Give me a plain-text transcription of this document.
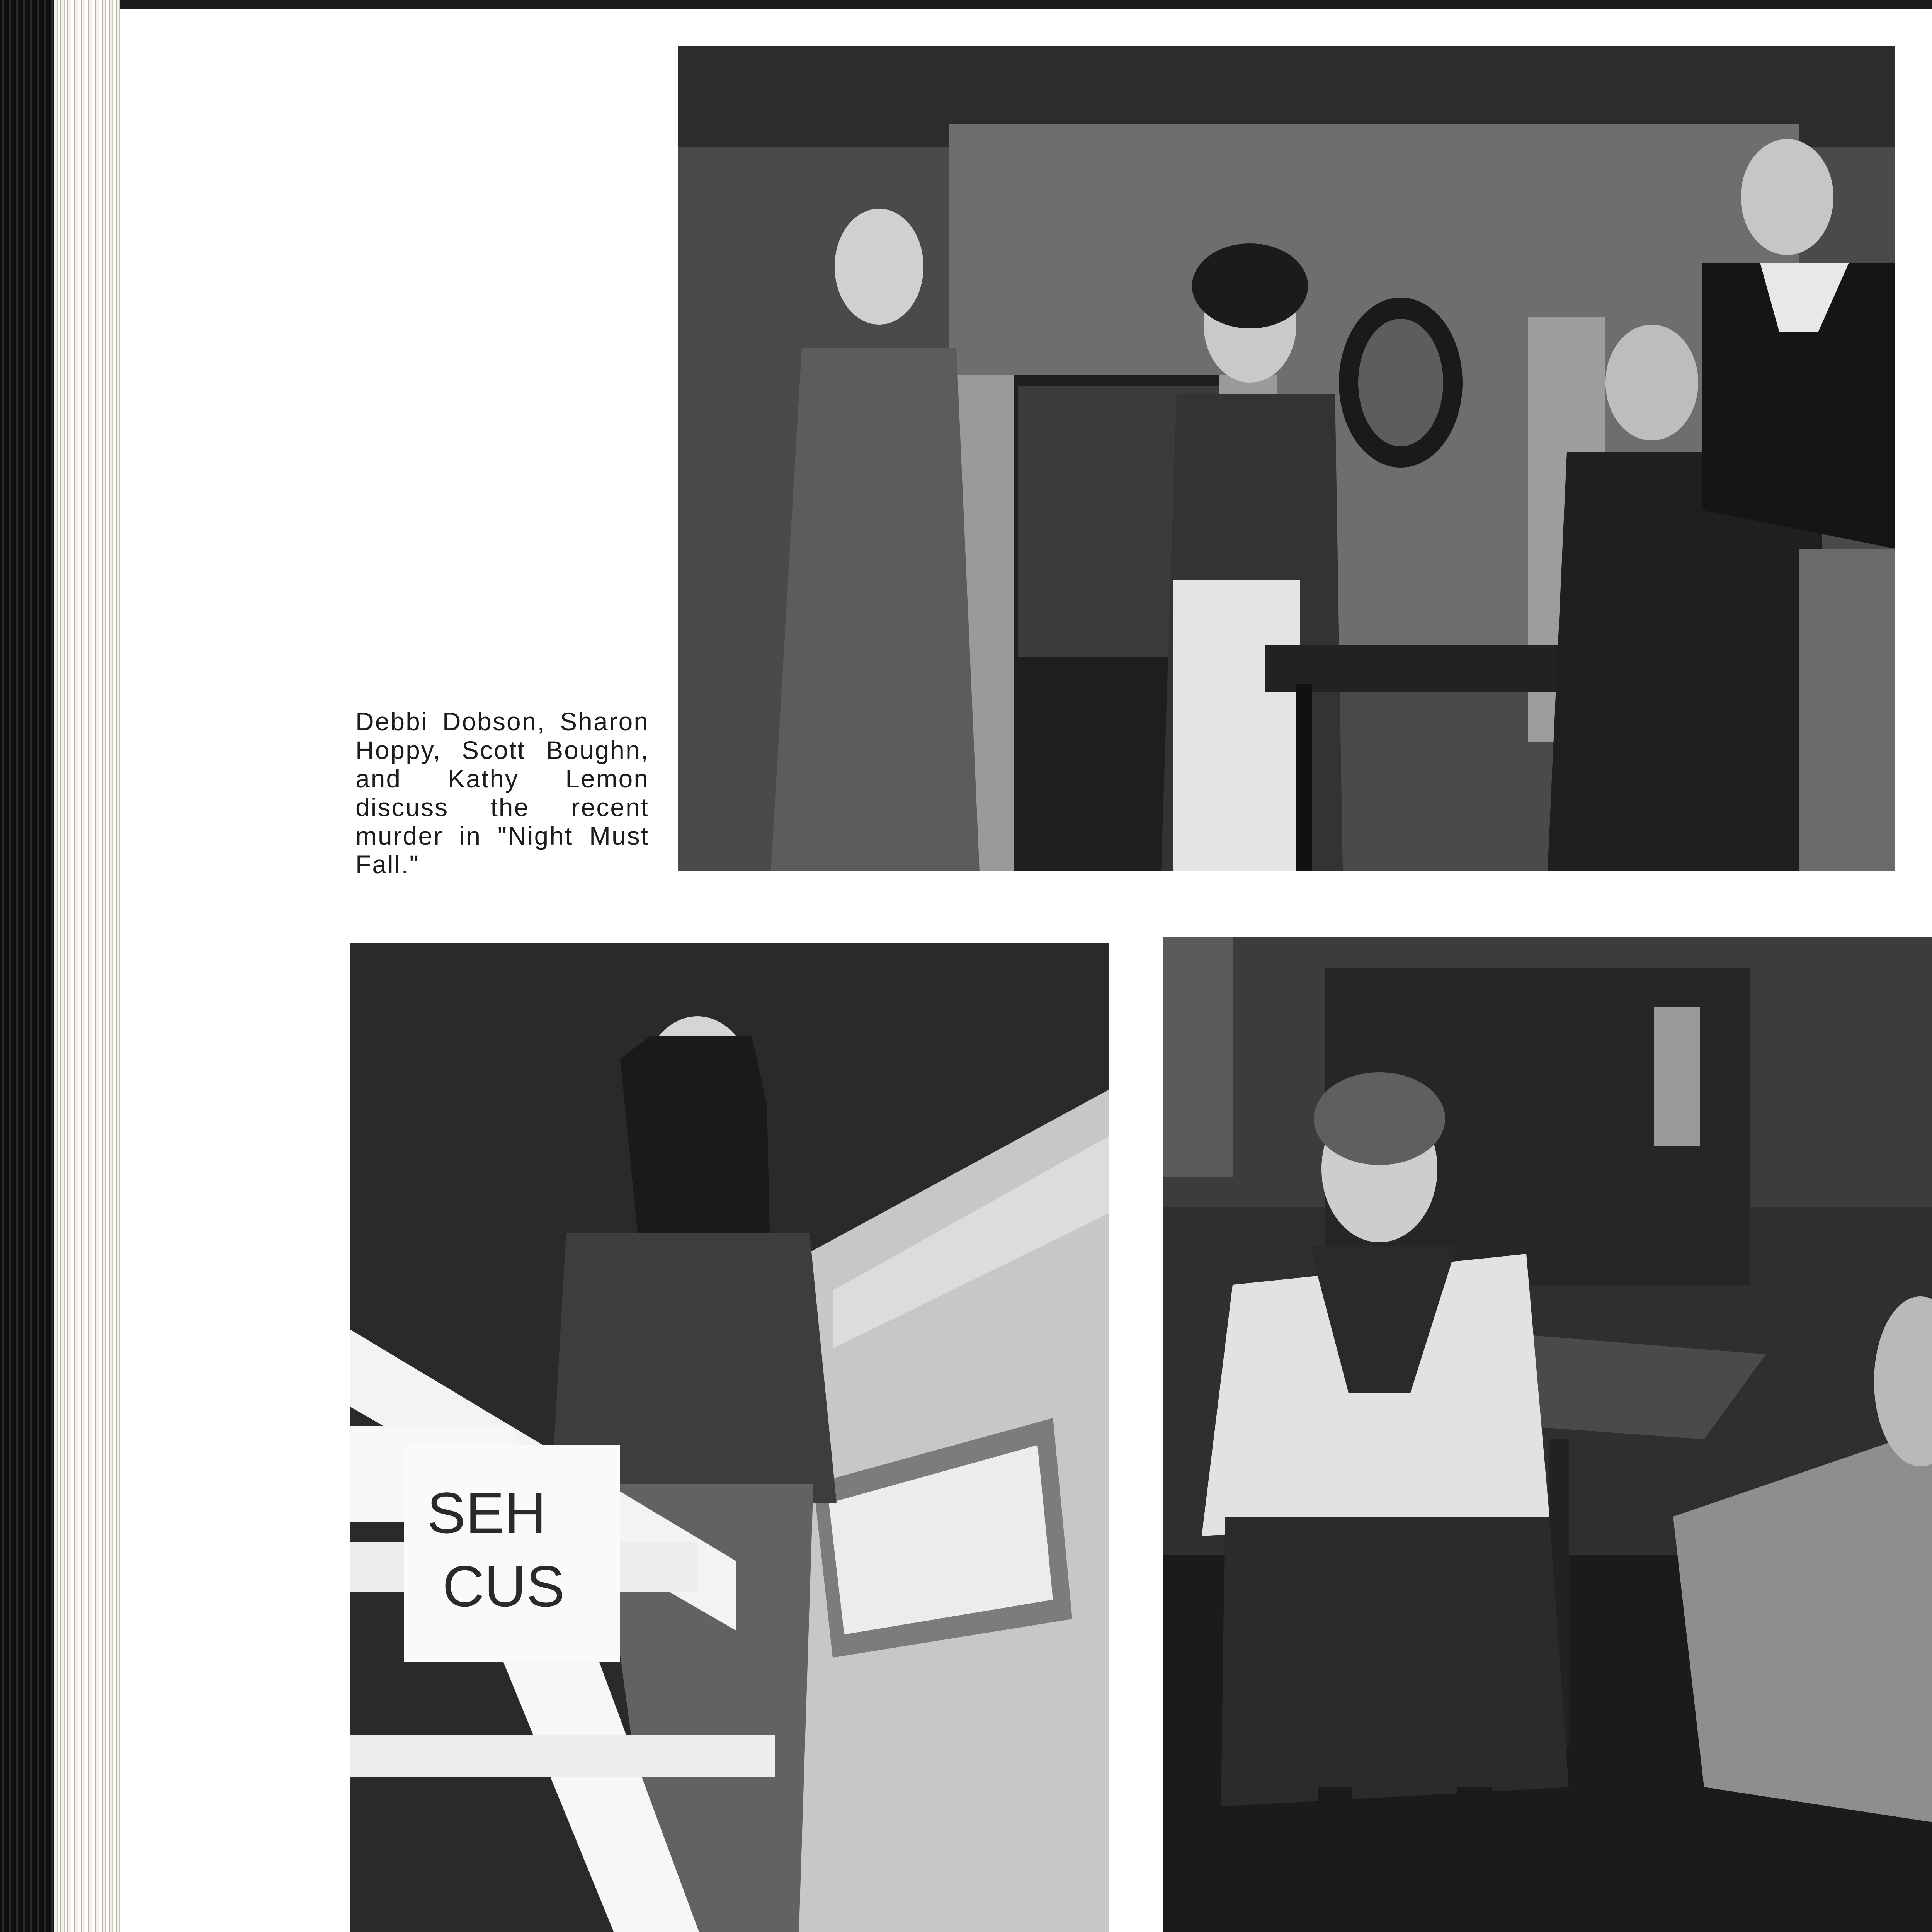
Debbi Dobson, Sharon Hoppy, Scott Boughn, and Kathy Lemon discuss the recent murder in "Night Must Fall."

SEH
CUS
